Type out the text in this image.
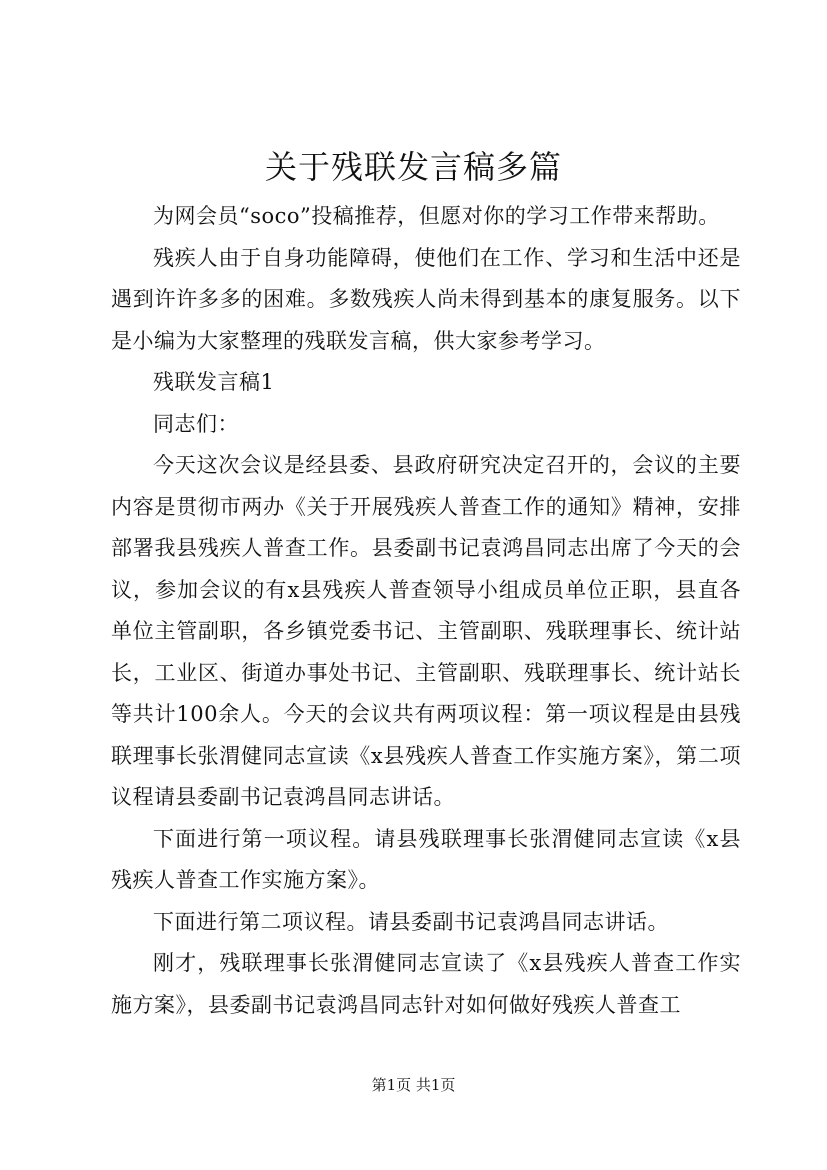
关于残联发言稿多篇

为网会员“soco”投稿推荐，但愿对你的学习工作带来帮助。

残疾人由于自身功能障碍，使他们在工作、学习和生活中还是遇到许许多多的困难。多数残疾人尚未得到基本的康复服务。以下是小编为大家整理的残联发言稿，供大家参考学习。

残联发言稿1

同志们：

今天这次会议是经县委、县政府研究决定召开的，会议的主要内容是贯彻市两办《关于开展残疾人普查工作的通知》精神，安排部署我县残疾人普查工作。县委副书记袁鸿昌同志出席了今天的会议，参加会议的有x县残疾人普查领导小组成员单位正职，县直各单位主管副职，各乡镇党委书记、主管副职、残联理事长、统计站长，工业区、街道办事处书记、主管副职、残联理事长、统计站长等共计100余人。今天的会议共有两项议程：第一项议程是由县残联理事长张渭健同志宣读《x县残疾人普查工作实施方案》，第二项议程请县委副书记袁鸿昌同志讲话。

下面进行第一项议程。请县残联理事长张渭健同志宣读《x县残疾人普查工作实施方案》。

下面进行第二项议程。请县委副书记袁鸿昌同志讲话。

刚才，残联理事长张渭健同志宣读了《x县残疾人普查工作实施方案》，县委副书记袁鸿昌同志针对如何做好残疾人普查工

第1页 共1页
